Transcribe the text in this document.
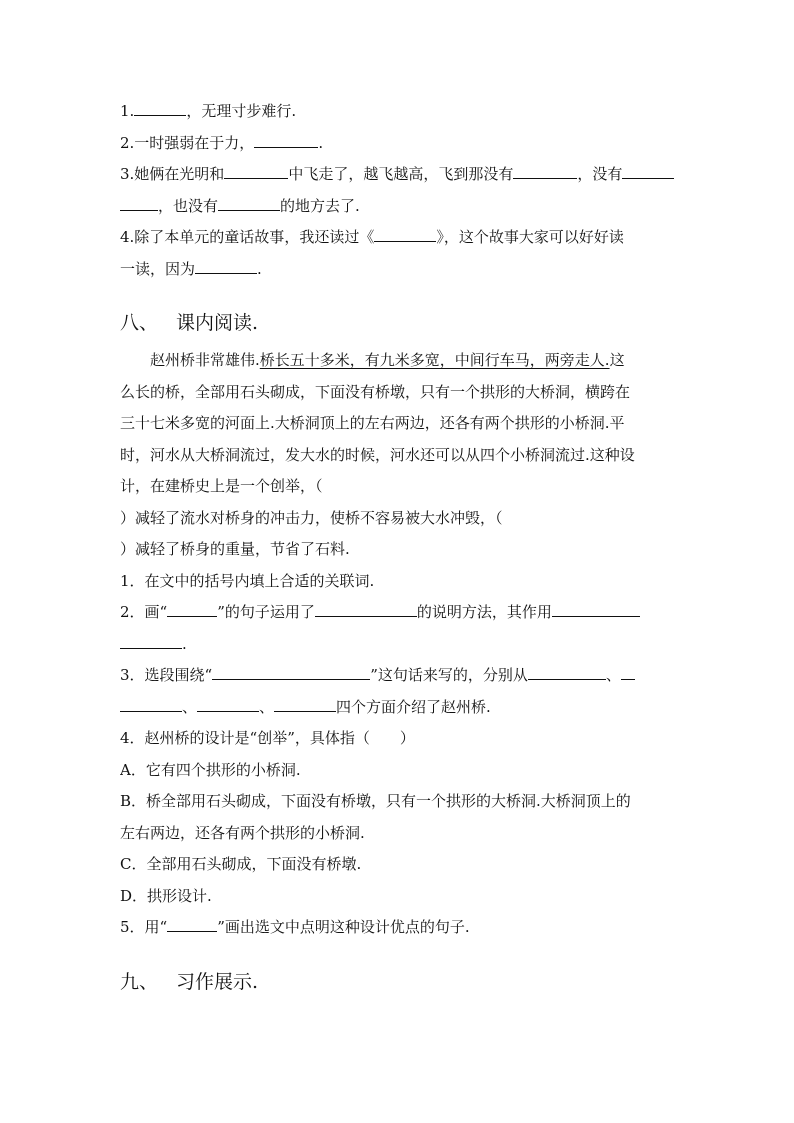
1.	，无理寸步难行.
2.一时强弱在于力，	.
3.她俩在光明和	中飞走了，越飞越高，飞到那没有	，没有
，也没有	的地方去了.
4.除了本单元的童话故事，我还读过《	》，这个故事大家可以好好读
一读，因为	.
八、 课内阅读.
赵州桥非常雄伟.桥长五十多米，有九米多宽，中间行车马，两旁走人.这
么长的桥，全部用石头砌成，下面没有桥墩，只有一个拱形的大桥洞，横跨在
三十七米多宽的河面上.大桥洞顶上的左右两边，还各有两个拱形的小桥洞.平
时，河水从大桥洞流过，发大水的时候，河水还可以从四个小桥洞流过.这种设
计，在建桥史上是一个创举，（
）减轻了流水对桥身的冲击力，使桥不容易被大水冲毁，（
）减轻了桥身的重量，节省了石料.
1．在文中的括号内填上合适的关联词.
2．画“	”的句子运用了	的说明方法，其作用
.
3．选段围绕“	”这句话来写的，分别从	、
、	、	四个方面介绍了赵州桥.
4．赵州桥的设计是“创举”，具体指（　　）
A．它有四个拱形的小桥洞.
B．桥全部用石头砌成，下面没有桥墩，只有一个拱形的大桥洞.大桥洞顶上的
左右两边，还各有两个拱形的小桥洞.
C．全部用石头砌成，下面没有桥墩.
D．拱形设计.
5．用“	”画出选文中点明这种设计优点的句子.
九、 习作展示.
